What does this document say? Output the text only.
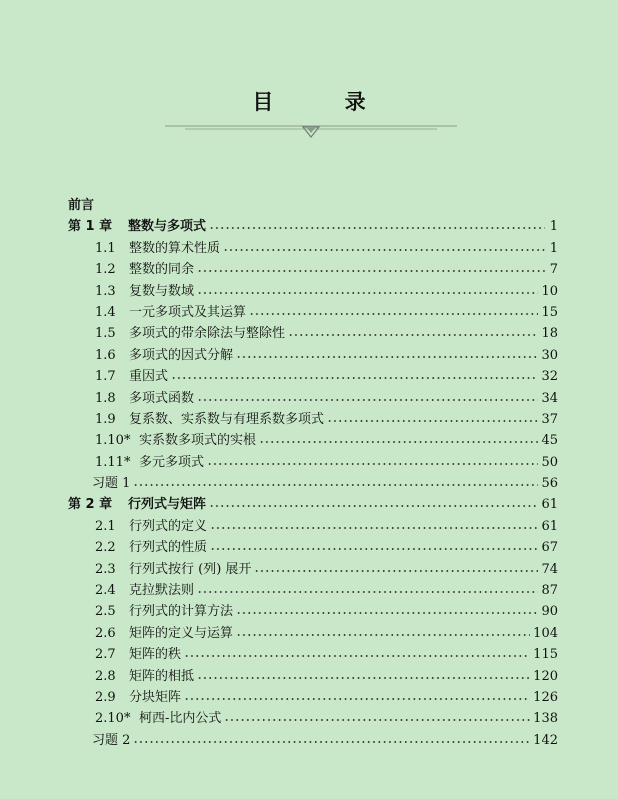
目 录
前言
第 1 章	整数与多项式	1
1.1	整数的算术性质	1
1.2	整数的同余	7
1.3	复数与数域	10
1.4	一元多项式及其运算	15
1.5	多项式的带余除法与整除性	18
1.6	多项式的因式分解	30
1.7	重因式	32
1.8	多项式函数	34
1.9	复系数、实系数与有理系数多项式	37
1.10* 实系数多项式的实根	45
1.11* 多元多项式	50
习题 1	56
第 2 章	行列式与矩阵	61
2.1	行列式的定义	61
2.2	行列式的性质	67
2.3	行列式按行 (列) 展开	74
2.4	克拉默法则	87
2.5	行列式的计算方法	90
2.6	矩阵的定义与运算	104
2.7	矩阵的秩	115
2.8	矩阵的相抵	120
2.9	分块矩阵	126
2.10* 柯西-比内公式	138
习题 2	142
